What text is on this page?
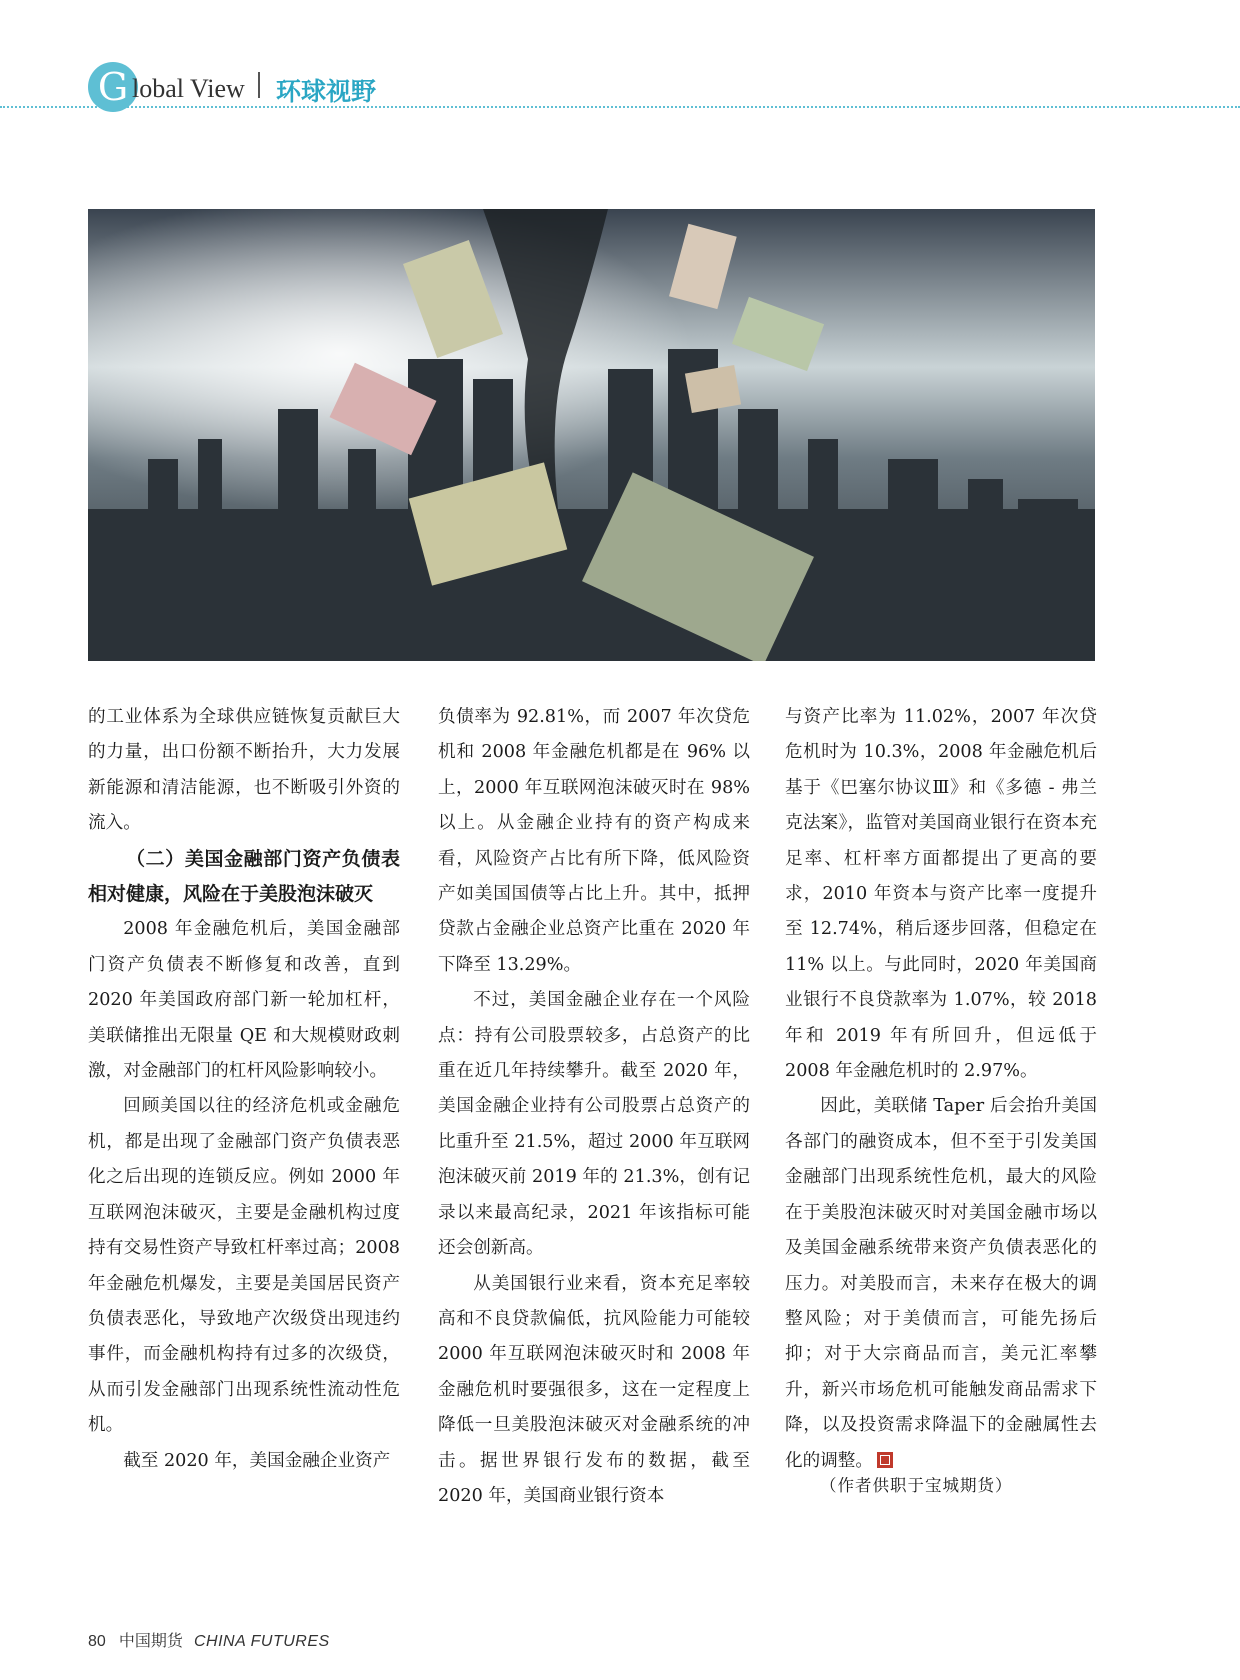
G lobal View 环球视野

的工业体系为全球供应链恢复贡献巨大的力量，出口份额不断抬升，大力发展新能源和清洁能源，也不断吸引外资的流入。

（二）美国金融部门资产负债表相对健康，风险在于美股泡沫破灭

2008 年金融危机后，美国金融部门资产负债表不断修复和改善，直到 2020 年美国政府部门新一轮加杠杆，美联储推出无限量 QE 和大规模财政刺激，对金融部门的杠杆风险影响较小。

回顾美国以往的经济危机或金融危机，都是出现了金融部门资产负债表恶化之后出现的连锁反应。例如 2000 年互联网泡沫破灭，主要是金融机构过度持有交易性资产导致杠杆率过高；2008 年金融危机爆发，主要是美国居民资产负债表恶化，导致地产次级贷出现违约事件，而金融机构持有过多的次级贷，从而引发金融部门出现系统性流动性危机。

截至 2020 年，美国金融企业资产

负债率为 92.81%，而 2007 年次贷危机和 2008 年金融危机都是在 96% 以上，2000 年互联网泡沫破灭时在 98% 以上。从金融企业持有的资产构成来看，风险资产占比有所下降，低风险资产如美国国债等占比上升。其中，抵押贷款占金融企业总资产比重在 2020 年下降至 13.29%。

不过，美国金融企业存在一个风险点：持有公司股票较多，占总资产的比重在近几年持续攀升。截至 2020 年，美国金融企业持有公司股票占总资产的比重升至 21.5%，超过 2000 年互联网泡沫破灭前 2019 年的 21.3%，创有记录以来最高纪录，2021 年该指标可能还会创新高。

从美国银行业来看，资本充足率较高和不良贷款偏低，抗风险能力可能较 2000 年互联网泡沫破灭时和 2008 年金融危机时要强很多，这在一定程度上降低一旦美股泡沫破灭对金融系统的冲击。据世界银行发布的数据，截至 2020 年，美国商业银行资本

与资产比率为 11.02%，2007 年次贷危机时为 10.3%，2008 年金融危机后基于《巴塞尔协议Ⅲ》和《多德 - 弗兰克法案》，监管对美国商业银行在资本充足率、杠杆率方面都提出了更高的要求，2010 年资本与资产比率一度提升至 12.74%，稍后逐步回落，但稳定在 11% 以上。与此同时，2020 年美国商业银行不良贷款率为 1.07%，较 2018 年和 2019 年有所回升，但远低于 2008 年金融危机时的 2.97%。

因此，美联储 Taper 后会抬升美国各部门的融资成本，但不至于引发美国金融部门出现系统性危机，最大的风险在于美股泡沫破灭时对美国金融市场以及美国金融系统带来资产负债表恶化的压力。对美股而言，未来存在极大的调整风险；对于美债而言，可能先扬后抑；对于大宗商品而言，美元汇率攀升，新兴市场危机可能触发商品需求下降，以及投资需求降温下的金融属性去化的调整。

（作者供职于宝城期货）
80 中国期货 CHINA FUTURES
